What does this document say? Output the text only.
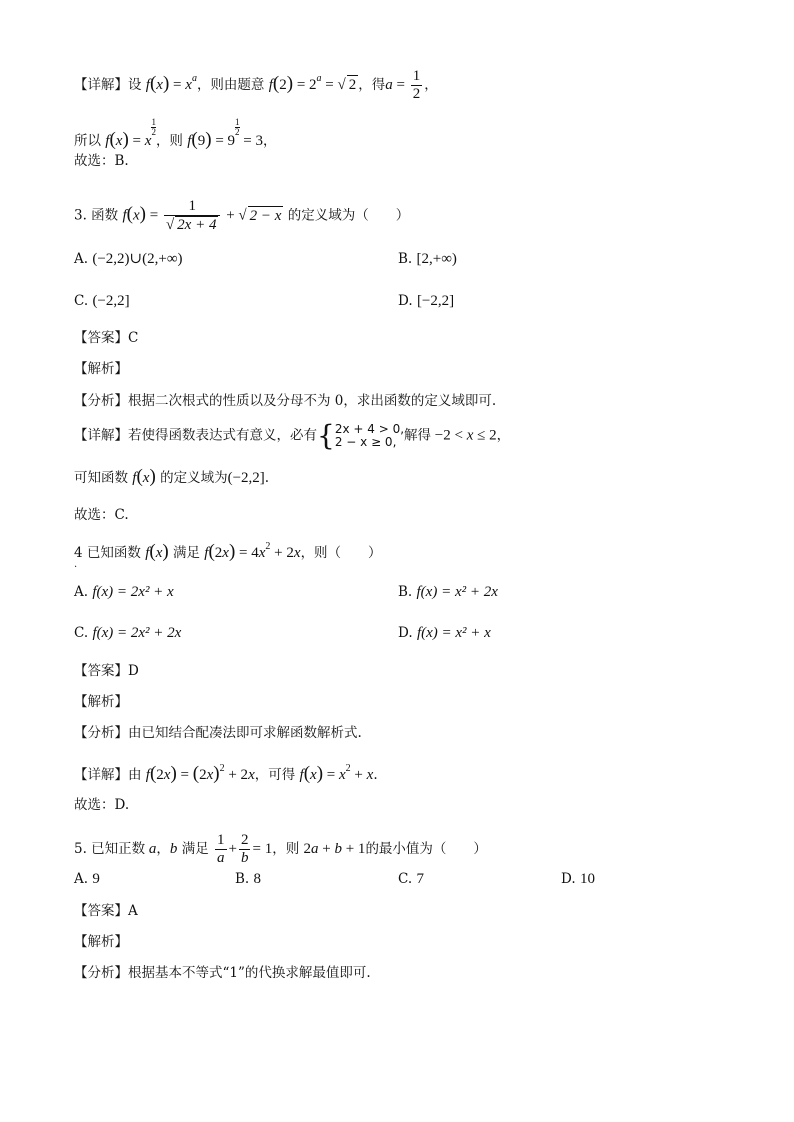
【详解】设 $f(x) = x^a$，则由题意 $f(2) = 2^a$ = √ 2 ，得$a = \frac{1}{2}$ ，
所以 f(x) = x
$\frac{1}{2}$
，则 f(9) = 9
$\frac{1}{2}$
= 3，
故选：B.
3. 函数 $f(x) = \frac{1}{√ 2x + 4}$ + √ 2 − x 的定义域为（　　）
A. (−2,2)∪(2,+∞)	B. [2,+∞)
C. (−2,2]	D. [−2,2]
【答案】C
【解析】
【分析】根据二次根式的性质以及分母不为 0，求出函数的定义域即可.
【详解】若使得函数表达式有意义，必有{ 2x + 4 > 0,
2 − x ≥ 0, 解得 −2 < x ≤ 2，
可知函数 f(x) 的定义域为(−2,2].
故选：C.
4 已知函数 f(x) 满足 $f(2x) = 4x^2 + 2x$，则（　　）
.
A. f(x) = 2x² + x	B. f(x) = x² + 2x
C. f(x) = 2x² + 2x	D. f(x) = x² + x
【答案】D
【解析】
【分析】由已知结合配凑法即可求解函数解析式.
【详解】由 $f(2x) = (2x)^2 + 2x$，可得 $f(x) = x^2 + x$.
故选：D.
5. 已知正数 a，b 满足 $\frac{1}{a} + \frac{2}{b} = 1$，则 2a + b + 1的最小值为（　　）
A. 9	B. 8	C. 7	D. 10
【答案】A
【解析】
【分析】根据基本不等式“1”的代换求解最值即可.
